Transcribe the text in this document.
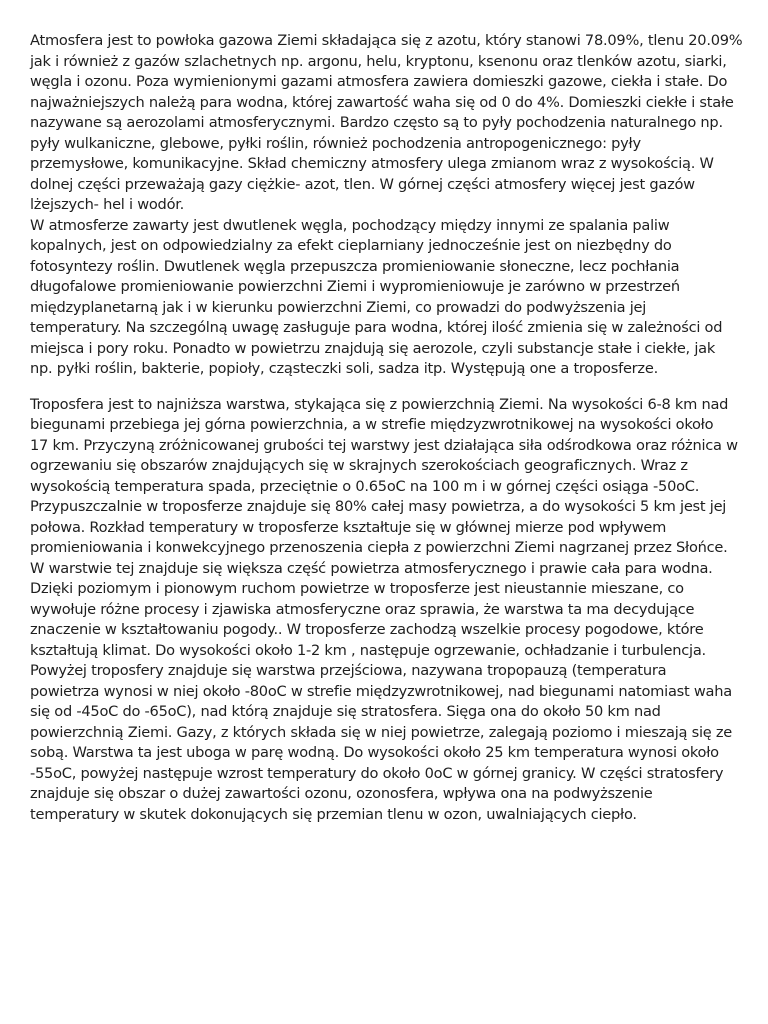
Atmosfera jest to powłoka gazowa Ziemi składająca się z azotu, który stanowi 78.09%, tlenu 20.09%
jak i również z gazów szlachetnych np. argonu, helu, kryptonu, ksenonu oraz tlenków azotu, siarki,
węgla i ozonu. Poza wymienionymi gazami atmosfera zawiera domieszki gazowe, ciekła i stałe. Do
najważniejszych należą para wodna, której zawartość waha się od 0 do 4%. Domieszki ciekłe i stałe
nazywane są aerozolami atmosferycznymi. Bardzo często są to pyły pochodzenia naturalnego np.
pyły wulkaniczne, glebowe, pyłki roślin, również pochodzenia antropogenicznego: pyły
przemysłowe, komunikacyjne. Skład chemiczny atmosfery ulega zmianom wraz z wysokością. W
dolnej części przeważają gazy ciężkie- azot, tlen. W górnej części atmosfery więcej jest gazów
lżejszych- hel i wodór.
W atmosferze zawarty jest dwutlenek węgla, pochodzący między innymi ze spalania paliw
kopalnych, jest on odpowiedzialny za efekt cieplarniany jednocześnie jest on niezbędny do
fotosyntezy roślin. Dwutlenek węgla przepuszcza promieniowanie słoneczne, lecz pochłania
długofalowe promieniowanie powierzchni Ziemi i wypromieniowuje je zarówno w przestrzeń
międzyplanetarną jak i w kierunku powierzchni Ziemi, co prowadzi do podwyższenia jej
temperatury. Na szczególną uwagę zasługuje para wodna, której ilość zmienia się w zależności od
miejsca i pory roku. Ponadto w powietrzu znajdują się aerozole, czyli substancje stałe i ciekłe, jak
np. pyłki roślin, bakterie, popioły, cząsteczki soli, sadza itp. Występują one a troposferze.
Troposfera jest to najniższa warstwa, stykająca się z powierzchnią Ziemi. Na wysokości 6-8 km nad
biegunami przebiega jej górna powierzchnia, a w strefie międzyzwrotnikowej na wysokości około
17 km. Przyczyną zróżnicowanej grubości tej warstwy jest działająca siła odśrodkowa oraz różnica w
ogrzewaniu się obszarów znajdujących się w skrajnych szerokościach geograficznych. Wraz z
wysokością temperatura spada, przeciętnie o 0.65oC na 100 m i w górnej części osiąga -50oC.
Przypuszczalnie w troposferze znajduje się 80% całej masy powietrza, a do wysokości 5 km jest jej
połowa. Rozkład temperatury w troposferze kształtuje się w głównej mierze pod wpływem
promieniowania i konwekcyjnego przenoszenia ciepła z powierzchni Ziemi nagrzanej przez Słońce.
W warstwie tej znajduje się większa część powietrza atmosferycznego i prawie cała para wodna.
Dzięki poziomym i pionowym ruchom powietrze w troposferze jest nieustannie mieszane, co
wywołuje różne procesy i zjawiska atmosferyczne oraz sprawia, że warstwa ta ma decydujące
znaczenie w kształtowaniu pogody.. W troposferze zachodzą wszelkie procesy pogodowe, które
kształtują klimat. Do wysokości około 1-2 km , następuje ogrzewanie, ochładzanie i turbulencja.
Powyżej troposfery znajduje się warstwa przejściowa, nazywana tropopauzą (temperatura
powietrza wynosi w niej około -80oC w strefie międzyzwrotnikowej, nad biegunami natomiast waha
się od -45oC do -65oC), nad którą znajduje się stratosfera. Sięga ona do około 50 km nad
powierzchnią Ziemi. Gazy, z których składa się w niej powietrze, zalegają poziomo i mieszają się ze
sobą. Warstwa ta jest uboga w parę wodną. Do wysokości około 25 km temperatura wynosi około
-55oC, powyżej następuje wzrost temperatury do około 0oC w górnej granicy. W części stratosfery
znajduje się obszar o dużej zawartości ozonu, ozonosfera, wpływa ona na podwyższenie
temperatury w skutek dokonujących się przemian tlenu w ozon, uwalniających ciepło.
